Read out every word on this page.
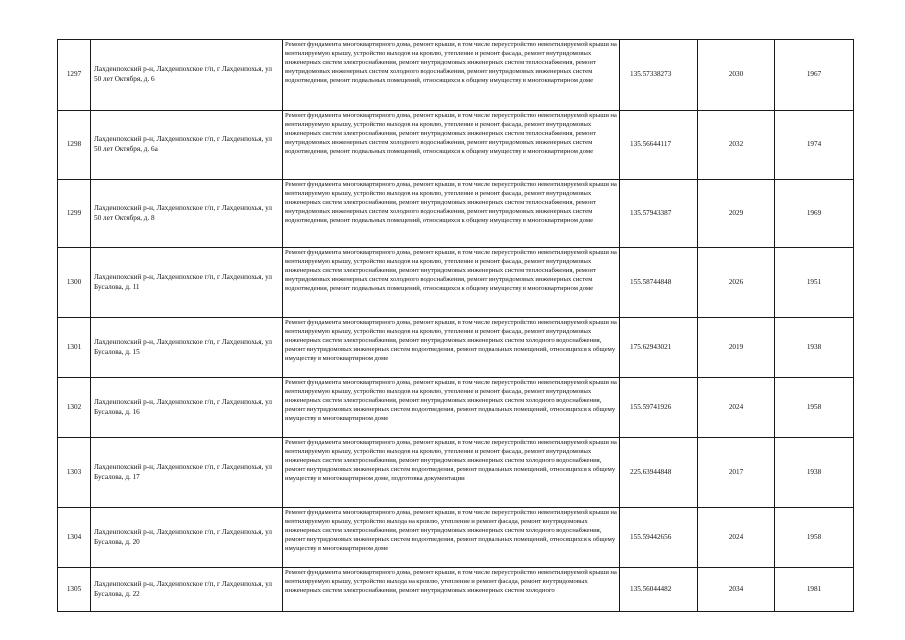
1297	Лахденпохский р-н, Лахденпохское г/п, г Лахденпохья, ул 50 лет Октября, д. 6	Ремонт фундамента многоквартирного дома, ремонт крыши, в том числе переустройство невентилируемой крыши на вентилируемую крышу, устройство выходов на кровлю, утепление и ремонт фасада, ремонт внутридомовых инженерных систем электроснабжения, ремонт внутридомовых инженерных систем теплоснабжения, ремонт внутридомовых инженерных систем холодного водоснабжения, ремонт внутридомовых инженерных систем водоотведения, ремонт подвальных помещений, относящихся к общему имуществу в многоквартирном доме	135.57338273	2030	1967
1298	Лахденпохский р-н, Лахденпохское г/п, г Лахденпохья, ул 50 лет Октября, д. 6а	Ремонт фундамента многоквартирного дома, ремонт крыши, в том числе переустройство невентилируемой крыши на вентилируемую крышу, устройство выходов на кровлю, утепление и ремонт фасада, ремонт внутридомовых инженерных систем электроснабжения, ремонт внутридомовых инженерных систем теплоснабжения, ремонт внутридомовых инженерных систем холодного водоснабжения, ремонт внутридомовых инженерных систем водоотведения, ремонт подвальных помещений, относящихся к общему имуществу в многоквартирном доме	135.56644117	2032	1974
1299	Лахденпохский р-н, Лахденпохское г/п, г Лахденпохья, ул 50 лет Октября, д. 8	Ремонт фундамента многоквартирного дома, ремонт крыши, в том числе переустройство невентилируемой крыши на вентилируемую крышу, устройство выходов на кровлю, утепление и ремонт фасада, ремонт внутридомовых инженерных систем электроснабжения, ремонт внутридомовых инженерных систем теплоснабжения, ремонт внутридомовых инженерных систем холодного водоснабжения, ремонт внутридомовых инженерных систем водоотведения, ремонт подвальных помещений, относящихся к общему имуществу в многоквартирном доме	135.57943387	2029	1969
1300	Лахденпохский р-н, Лахденпохское г/п, г Лахденпохья, ул Бусалова, д. 11	Ремонт фундамента многоквартирного дома, ремонт крыши, в том числе переустройство невентилируемой крыши на вентилируемую крышу, устройство выходов на кровлю, утепление и ремонт фасада, ремонт внутридомовых инженерных систем электроснабжения, ремонт внутридомовых инженерных систем теплоснабжения, ремонт внутридомовых инженерных систем холодного водоснабжения, ремонт внутридомовых инженерных систем водоотведения, ремонт подвальных помещений, относящихся к общему имуществу в многоквартирном доме	155.58744848	2026	1951
1301	Лахденпохский р-н, Лахденпохское г/п, г Лахденпохья, ул Бусалова, д. 15	Ремонт фундамента многоквартирного дома, ремонт крыши, в том числе переустройство невентилируемой крыши на вентилируемую крышу, устройство выходов на кровлю, утепление и ремонт фасада, ремонт внутридомовых инженерных систем электроснабжения, ремонт внутридомовых инженерных систем холодного водоснабжения, ремонт внутридомовых инженерных систем водоотведения, ремонт подвальных помещений, относящихся к общему имуществу в многоквартирном доме	175.62943021	2019	1938
1302	Лахденпохский р-н, Лахденпохское г/п, г Лахденпохья, ул Бусалова, д. 16	Ремонт фундамента многоквартирного дома, ремонт крыши, в том числе переустройство невентилируемой крыши на вентилируемую крышу, устройство выходов на кровлю, утепление и ремонт фасада, ремонт внутридомовых инженерных систем электроснабжения, ремонт внутридомовых инженерных систем холодного водоснабжения, ремонт внутридомовых инженерных систем водоотведения, ремонт подвальных помещений, относящихся к общему имуществу в многоквартирном доме	155.59741926	2024	1958
1303	Лахденпохский р-н, Лахденпохское г/п, г Лахденпохья, ул Бусалова, д. 17	Ремонт фундамента многоквартирного дома, ремонт крыши, в том числе переустройство невентилируемой крыши на вентилируемую крышу, устройство выходов на кровлю, утепление и ремонт фасада, ремонт внутридомовых инженерных систем электроснабжения, ремонт внутридомовых инженерных систем холодного водоснабжения, ремонт внутридомовых инженерных систем водоотведения, ремонт подвальных помещений, относящихся к общему имуществу в многоквартирном доме, подготовка документации	225.63944848	2017	1938
1304	Лахденпохский р-н, Лахденпохское г/п, г Лахденпохья, ул Бусалова, д. 20	Ремонт фундамента многоквартирного дома, ремонт крыши, в том числе переустройство невентилируемой крыши на вентилируемую крышу, устройство выхода на кровлю, утепление и ремонт фасада, ремонт внутридомовых инженерных систем электроснабжения, ремонт внутридомовых инженерных систем холодного водоснабжения, ремонт внутридомовых инженерных систем водоотведения, ремонт подвальных помещений, относящихся к общему имуществу в многоквартирном доме	155.59442656	2024	1958
1305	Лахденпохский р-н, Лахденпохское г/п, г Лахденпохья, ул Бусалова, д. 22	Ремонт фундамента многоквартирного дома, ремонт крыши, в том числе переустройство невентилируемой крыши на вентилируемую крышу, устройство выхода на кровлю, утепление и ремонт фасада, ремонт внутридомовых инженерных систем электроснабжения, ремонт внутридомовых инженерных систем холодного	135.56044482	2034	1981
